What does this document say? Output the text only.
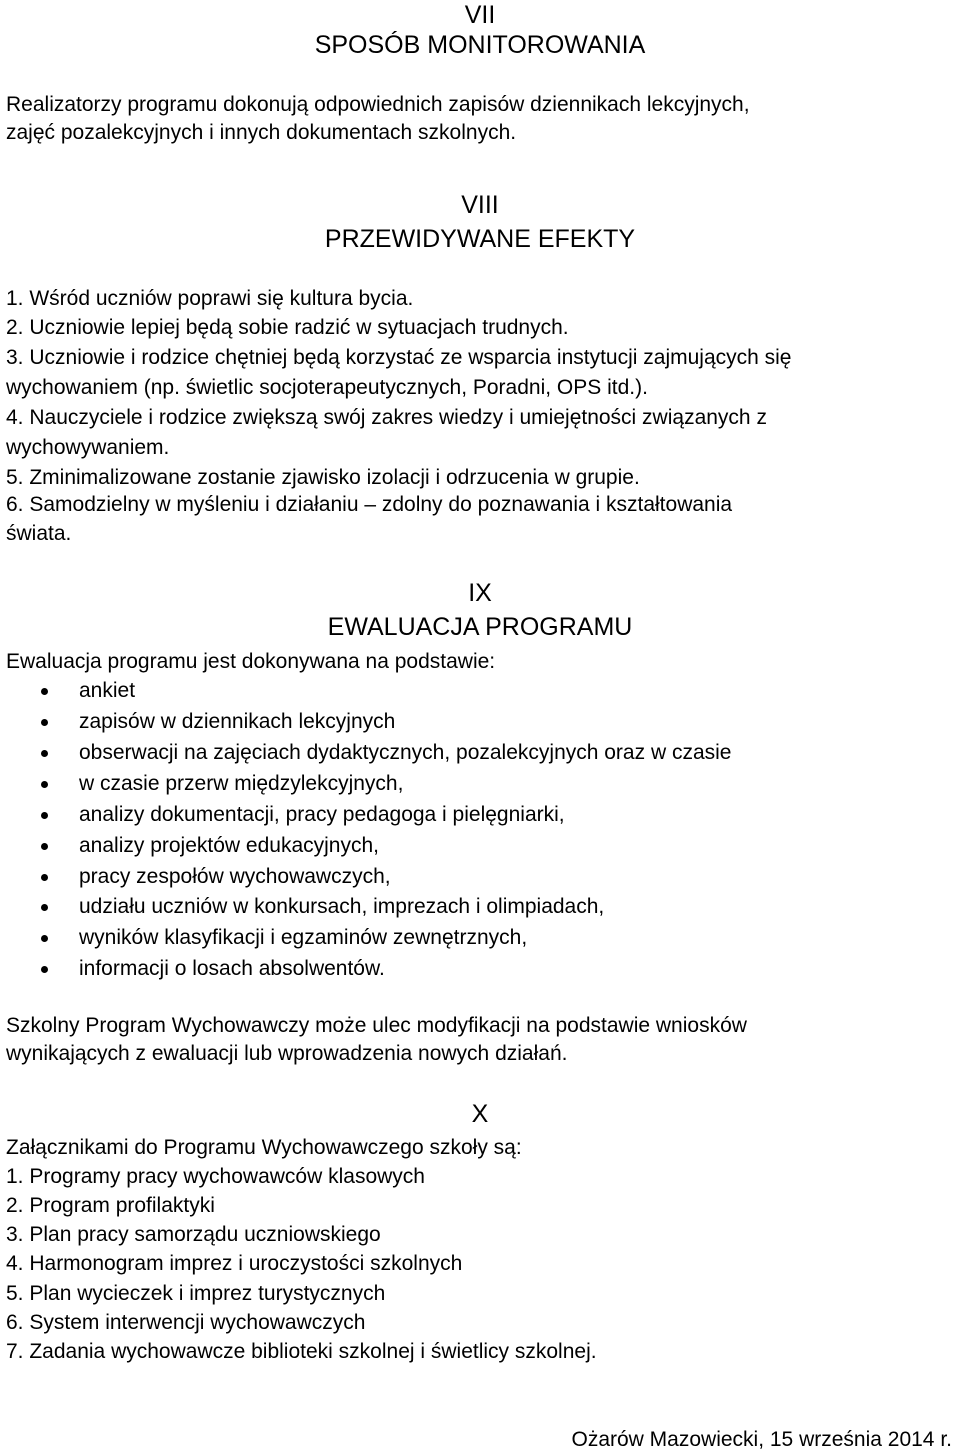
VII
SPOSÓB MONITOROWANIA
Realizatorzy programu dokonują odpowiednich zapisów dziennikach lekcyjnych,
zajęć pozalekcyjnych i innych dokumentach szkolnych.
VIII
PRZEWIDYWANE EFEKTY
1. Wśród uczniów poprawi się kultura bycia.
2. Uczniowie lepiej będą sobie radzić w sytuacjach trudnych.
3. Uczniowie i rodzice chętniej będą korzystać ze wsparcia instytucji zajmujących się
wychowaniem (np. świetlic socjoterapeutycznych, Poradni, OPS itd.).
4. Nauczyciele i rodzice zwiększą swój zakres wiedzy i umiejętności związanych z
wychowywaniem.
5. Zminimalizowane zostanie zjawisko izolacji i odrzucenia w grupie.
6. Samodzielny w myśleniu i działaniu – zdolny do poznawania i kształtowania
świata.
IX
EWALUACJA PROGRAMU
Ewaluacja programu jest dokonywana na podstawie:
ankiet
zapisów w dziennikach lekcyjnych
obserwacji na zajęciach dydaktycznych, pozalekcyjnych oraz w czasie
w czasie przerw międzylekcyjnych,
analizy dokumentacji, pracy pedagoga i pielęgniarki,
analizy projektów edukacyjnych,
pracy zespołów wychowawczych,
udziału uczniów w konkursach, imprezach i olimpiadach,
wyników klasyfikacji i egzaminów zewnętrznych,
informacji o losach absolwentów.
Szkolny Program Wychowawczy może ulec modyfikacji na podstawie wniosków
wynikających z ewaluacji lub wprowadzenia nowych działań.
X
Załącznikami do Programu Wychowawczego szkoły są:
1. Programy pracy wychowawców klasowych
2. Program profilaktyki
3. Plan pracy samorządu uczniowskiego
4. Harmonogram imprez i uroczystości szkolnych
5. Plan wycieczek i imprez turystycznych
6. System interwencji wychowawczych
7. Zadania wychowawcze biblioteki szkolnej i świetlicy szkolnej.
Ożarów Mazowiecki, 15 września 2014 r.
